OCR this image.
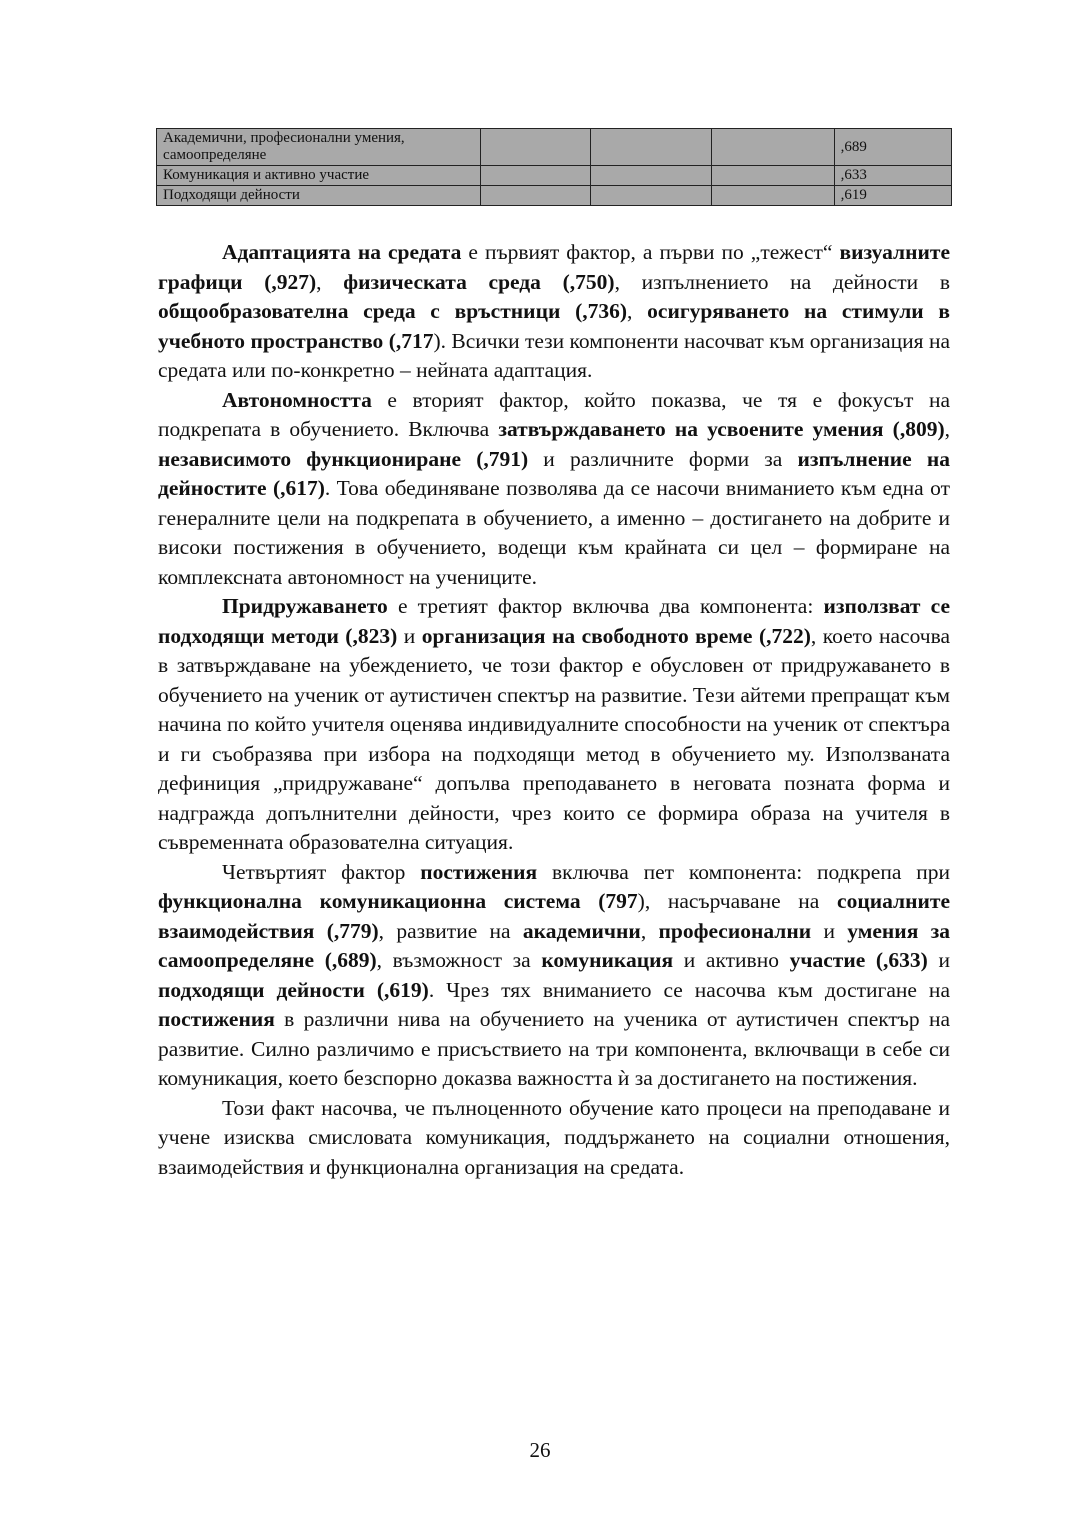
Академични, професионални умения, самоопределяне				,689
Комуникация и активно участие				,633
Подходящи дейности				,619

Адаптацията на средата е първият фактор, а първи по „тежест“ визуалните графици (,927), физическата среда (,750), изпълнението на дейности в общообразователна среда с връстници (,736), осигуряването на стимули в учебното пространство (,717). Всички тези компоненти насочват към организация на средата или по-конкретно – нейната адаптация.

Автономността е вторият фактор, който показва, че тя е фокусът на подкрепата в обучението. Включва затвърждаването на усвоените умения (,809), независимото функциониране (,791) и различните форми за изпълнение на дейностите (,617). Това обединяване позволява да се насочи вниманието към една от генералните цели на подкрепата в обучението, а именно – достигането на добрите и високи постижения в обучението, водещи към крайната си цел – формиране на комплексната автономност на учениците.

Придружаването е третият фактор включва два компонента: използват се подходящи методи (,823) и организация на свободното време (,722), което насочва в затвърждаване на убеждението, че този фактор е обусловен от придружаването в обучението на ученик от аутистичен спектър на развитие. Тези айтеми препращат към начина по който учителя оценява индивидуалните способности на ученик от спектъра и ги съобразява при избора на подходящи метод в обучението му. Използваната дефиниция „придружаване“ допълва преподаването в неговата позната форма и надгражда допълнителни дейности, чрез които се формира образа на учителя в съвременната образователна ситуация.

Четвъртият фактор постижения включва пет компонента: подкрепа при функционална комуникационна система (797), насърчаване на социалните взаимодействия (,779), развитие на академични, професионални и умения за самоопределяне (,689), възможност за комуникация и активно участие (,633) и подходящи дейности (,619). Чрез тях вниманието се насочва към достигане на постижения в различни нива на обучението на ученика от аутистичен спектър на развитие. Силно различимо е присъствието на три компонента, включващи в себе си комуникация, което безспорно доказва важността ѝ за достигането на постижения.

Този факт насочва, че пълноценното обучение като процеси на преподаване и учене изисква смисловата комуникация, поддържането на социални отношения, взаимодействия и функционална организация на средата.

26
